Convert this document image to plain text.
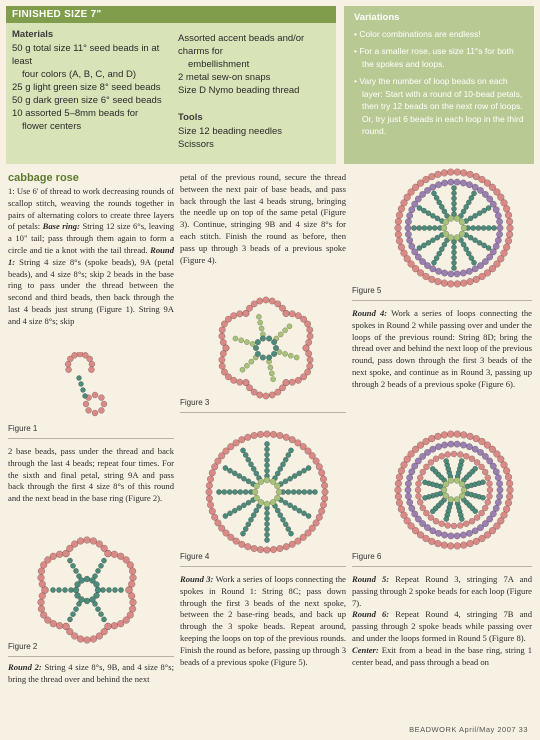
FINISHED SIZE 7"
Materials
50 g total size 11° seed beads in at least
four colors (A, B, C, and D)
25 g light green size 8° seed beads
50 g dark green size 6° seed beads
10 assorted 5–8mm beads for
flower centers
Assorted accent beads and/or charms for
embellishment
2 metal sew-on snaps
Size D Nymo beading thread
Tools
Size 12 beading needles
Scissors
Variations
• Color combinations are endless!
• For a smaller rose, use size 11°s for both the spokes and loops.
• Vary the number of loop beads on each layer: Start with a round of 10-bead petals, then try 12 beads on the next row of loops. Or, try just 6 beads in each loop in the third round.
cabbage rose
1: Use 6' of thread to work decreasing rounds of scallop stitch, weaving the rounds together in pairs of alternating colors to create three layers of petals: Base ring: String 12 size 6°s, leaving a 10" tail; pass through them again to form a circle and tie a knot with the tail thread. Round 1: String 4 size 8°s (spoke beads), 9A (petal beads), and 4 size 8°s; skip 2 beads in the base ring to pass under the thread between the second and third beads, then back through the last 4 beads just strung (Figure 1). String 9A and 4 size 8°s; skip
Figure 1
2 base beads, pass under the thread and back through the last 4 beads; repeat four times. For the sixth and final petal, string 9A and pass back through the first 4 size 8°s of this round and the next bead in the base ring (Figure 2).
Figure 2
Round 2: String 4 size 8°s, 9B, and 4 size 8°s; bring the thread over and behind the next
petal of the previous round, secure the thread between the next pair of base beads, and pass back through the last 4 beads strung, bringing the needle up on top of the same petal (Figure 3). Continue, stringing 9B and 4 size 8°s for each stitch. Finish the round as before, then pass up through 3 beads of a previous spoke (Figure 4).
Figure 3
Figure 4
Round 3: Work a series of loops connecting the spokes in Round 1: String 8C; pass down through the first 3 beads of the next spoke, between the 2 base-ring beads, and back up through the 3 spoke beads. Repeat around, keeping the loops on top of the previous rounds. Finish the round as before, passing up through 3 beads of a previous spoke (Figure 5).
Figure 5
Round 4: Work a series of loops connecting the spokes in Round 2 while passing over and under the loops of the previous round: String 8D; bring the thread over and behind the next loop of the previous round, pass down through the first 3 beads of the next spoke, and continue as in Round 3, passing up through 2 beads of a previous spoke (Figure 6).
Figure 6
Round 5: Repeat Round 3, stringing 7A and passing through 2 spoke beads for each loop (Figure 7).
Round 6: Repeat Round 4, stringing 7B and passing through 2 spoke beads while passing over and under the loops formed in Round 5 (Figure 8).
Center: Exit from a bead in the base ring, string 1 center bead, and pass through a bead on
BEADWORK April/May 2007 33
